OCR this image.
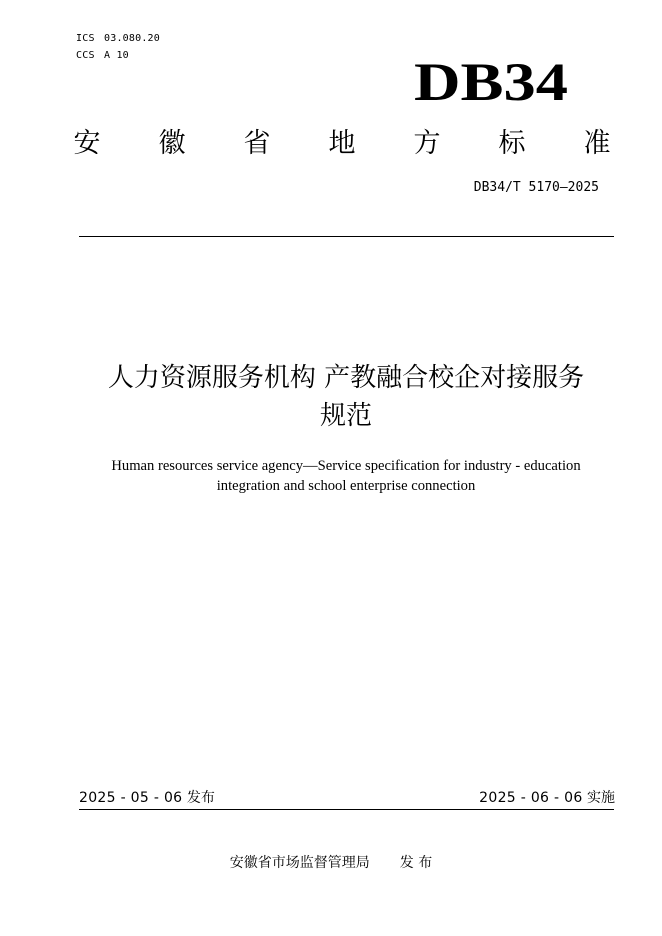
ICS 03.080.20
CCS A 10	DB34
安	徽	省	地	方	标	准
DB34/T 5170—2025
人力资源服务机构 产教融合校企对接服务
规范
Human resources service agency—Service specification for industry - education
integration and school enterprise connection
2025 - 05 - 06 发布	2025 - 06 - 06 实施
安徽省市场监督管理局 发 布
